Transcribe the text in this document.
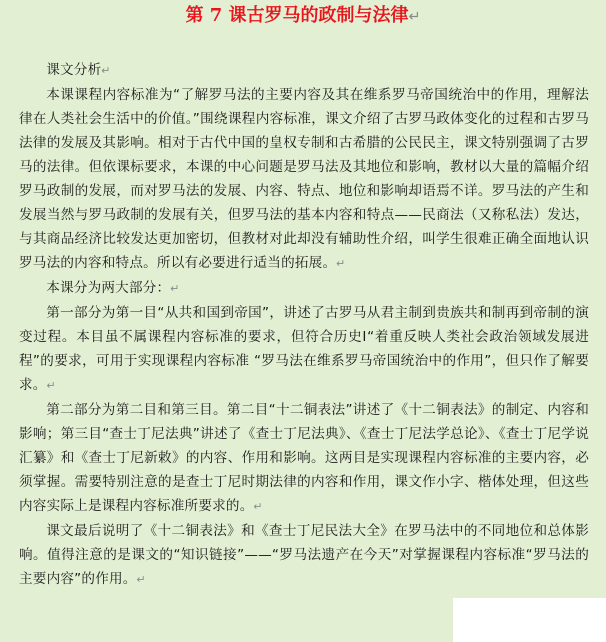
第 7 课古罗马的政制与法律↵

课文分析↵

本课课程内容标准为“了解罗马法的主要内容及其在维系罗马帝国统治中的作用，理解法律在人类社会生活中的价值。”围绕课程内容标准，课文介绍了古罗马政体变化的过程和古罗马法律的发展及其影响。相对于古代中国的皇权专制和古希腊的公民民主，课文特别强调了古罗马的法律。但依课标要求，本课的中心问题是罗马法及其地位和影响，教材以大量的篇幅介绍罗马政制的发展，而对罗马法的发展、内容、特点、地位和影响却语焉不详。罗马法的产生和发展当然与罗马政制的发展有关，但罗马法的基本内容和特点——民商法（又称私法）发达，与其商品经济比较发达更加密切，但教材对此却没有辅助性介绍，叫学生很难正确全面地认识罗马法的内容和特点。所以有必要进行适当的拓展。↵

本课分为两大部分：↵

第一部分为第一目“从共和国到帝国”，讲述了古罗马从君主制到贵族共和制再到帝制的演变过程。本目虽不属课程内容标准的要求，但符合历史Ⅰ“着重反映人类社会政治领域发展进程”的要求，可用于实现课程内容标准 “罗马法在维系罗马帝国统治中的作用”，但只作了解要求。↵

第二部分为第二目和第三目。第二目“十二铜表法”讲述了《十二铜表法》的制定、内容和影响；第三目“查士丁尼法典”讲述了《查士丁尼法典》、《查士丁尼法学总论》、《查士丁尼学说汇纂》和《查士丁尼新敕》的内容、作用和影响。这两目是实现课程内容标准的主要内容，必须掌握。需要特别注意的是查士丁尼时期法律的内容和作用，课文作小字、楷体处理，但这些内容实际上是课程内容标准所要求的。↵

课文最后说明了《十二铜表法》和《查士丁尼民法大全》在罗马法中的不同地位和总体影响。值得注意的是课文的“知识链接”——“罗马法遗产在今天”对掌握课程内容标准“罗马法的主要内容”的作用。↵
